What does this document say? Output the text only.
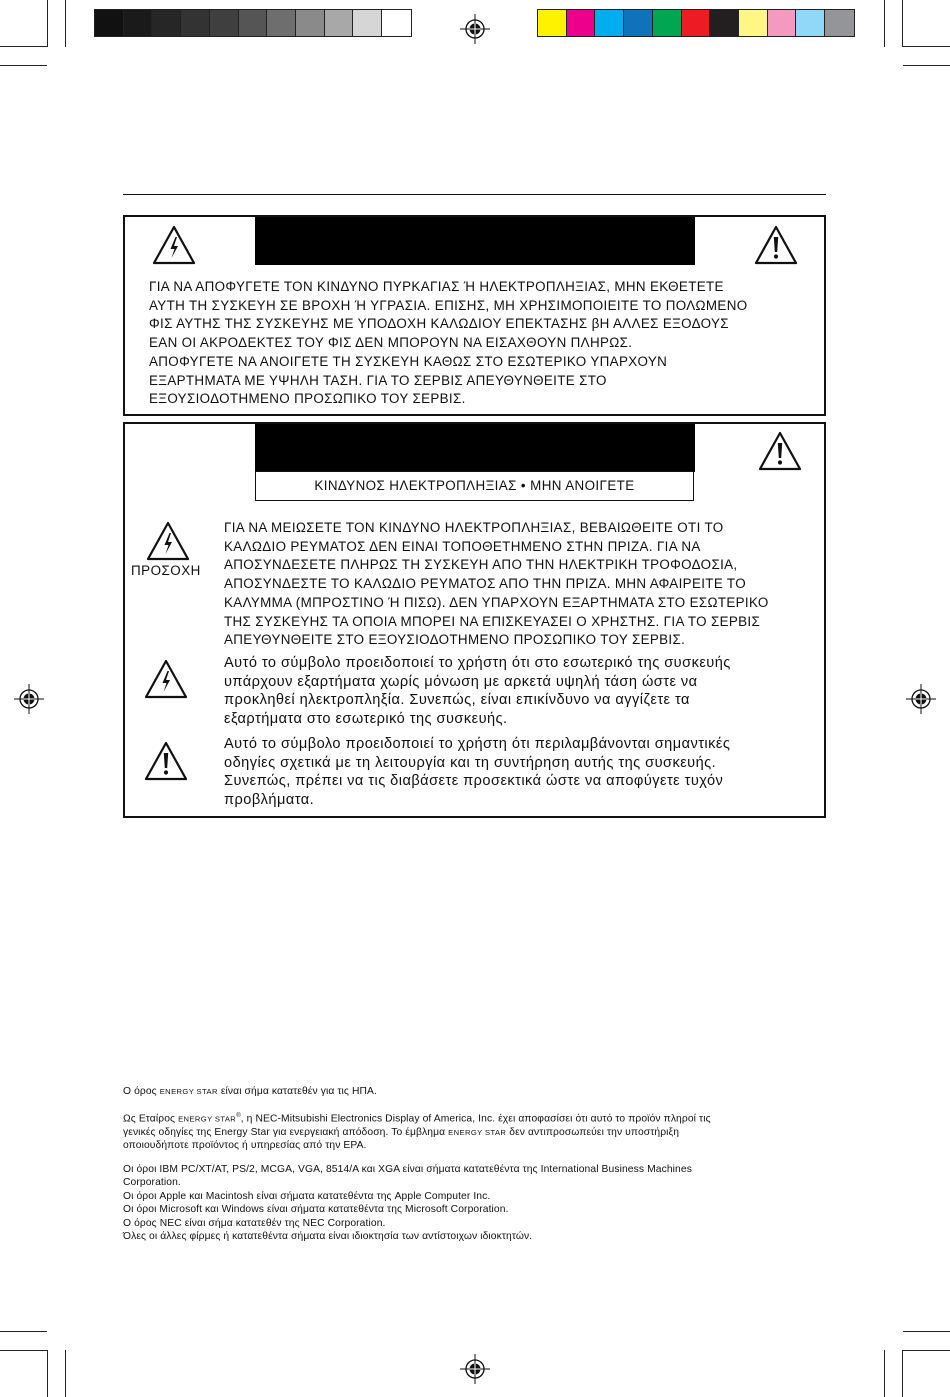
ΓΙΑ ΝΑ ΑΠΟΦΥΓΕΤΕ ΤΟΝ ΚΙΝΔΥΝΟ ΠΥΡΚΑΓΙΑΣ Ή ΗΛΕΚΤΡΟΠΛΗΞΙΑΣ, ΜΗΝ ΕΚΘΕΤΕΤΕ
ΑΥΤΗ ΤΗ ΣΥΣΚΕΥΗ ΣΕ ΒΡΟΧΗ Ή ΥΓΡΑΣΙΑ. ΕΠΙΣΗΣ, ΜΗ ΧΡΗΣΙΜΟΠΟΙΕΙΤΕ ΤΟ ΠΟΛΩΜΕΝΟ
ΦΙΣ ΑΥΤΗΣ ΤΗΣ ΣΥΣΚΕΥΗΣ ΜΕ ΥΠΟΔΟΧΗ ΚΑΛΩΔΙΟΥ ΕΠΕΚΤΑΣΗΣ βΗ ΑΛΛΕΣ ΕΞΟΔΟΥΣ
ΕΑΝ ΟΙ ΑΚΡΟΔΕΚΤΕΣ ΤΟΥ ΦΙΣ ΔΕΝ ΜΠΟΡΟΥΝ ΝΑ ΕΙΣΑΧΘΟΥΝ ΠΛΗΡΩΣ.
ΑΠΟΦΥΓΕΤΕ ΝΑ ΑΝΟΙΓΕΤΕ ΤΗ ΣΥΣΚΕΥΗ ΚΑΘΩΣ ΣΤΟ ΕΣΩΤΕΡΙΚΟ ΥΠΑΡΧΟΥΝ
ΕΞΑΡΤΗΜΑΤΑ ΜΕ ΥΨΗΛΗ ΤΑΣΗ. ΓΙΑ ΤΟ ΣΕΡΒΙΣ ΑΠΕΥΘΥΝΘΕΙΤΕ ΣΤΟ
ΕΞΟΥΣΙΟΔΟΤΗΜΕΝΟ ΠΡΟΣΩΠΙΚΟ ΤΟΥ ΣΕΡΒΙΣ.
ΚΙΝΔΥΝΟΣ ΗΛΕΚΤΡΟΠΛΗΞΙΑΣ • ΜΗΝ ΑΝΟΙΓΕΤΕ
ΠΡΟΣΟΧΗ
ΓΙΑ ΝΑ ΜΕΙΩΣΕΤΕ ΤΟΝ ΚΙΝΔΥΝΟ ΗΛΕΚΤΡΟΠΛΗΞΙΑΣ, ΒΕΒΑΙΩΘΕΙΤΕ ΟΤΙ ΤΟ
ΚΑΛΩΔΙΟ ΡΕΥΜΑΤΟΣ ΔΕΝ ΕΙΝΑΙ ΤΟΠΟΘΕΤΗΜΕΝΟ ΣΤΗΝ ΠΡΙΖΑ. ΓΙΑ ΝΑ
ΑΠΟΣΥΝΔΕΣΕΤΕ ΠΛΗΡΩΣ ΤΗ ΣΥΣΚΕΥΗ ΑΠΟ ΤΗΝ ΗΛΕΚΤΡΙΚΗ ΤΡΟΦΟΔΟΣΙΑ,
ΑΠΟΣΥΝΔΕΣΤΕ ΤΟ ΚΑΛΩΔΙΟ ΡΕΥΜΑΤΟΣ ΑΠΟ ΤΗΝ ΠΡΙΖΑ. ΜΗΝ ΑΦΑΙΡΕΙΤΕ ΤΟ
ΚΑΛΥΜΜΑ (ΜΠΡΟΣΤΙΝΟ Ή ΠΙΣΩ). ΔΕΝ ΥΠΑΡΧΟΥΝ ΕΞΑΡΤΗΜΑΤΑ ΣΤΟ ΕΣΩΤΕΡΙΚΟ
ΤΗΣ ΣΥΣΚΕΥΗΣ ΤΑ ΟΠΟΙΑ ΜΠΟΡΕΙ ΝΑ ΕΠΙΣΚΕΥΑΣΕΙ Ο ΧΡΗΣΤΗΣ. ΓΙΑ ΤΟ ΣΕΡΒΙΣ
ΑΠΕΥΘΥΝΘΕΙΤΕ ΣΤΟ ΕΞΟΥΣΙΟΔΟΤΗΜΕΝΟ ΠΡΟΣΩΠΙΚΟ ΤΟΥ ΣΕΡΒΙΣ.
Αυτό το σύμβολο προειδοποιεί το χρήστη ότι στο εσωτερικό της συσκευής
υπάρχουν εξαρτήματα χωρίς μόνωση με αρκετά υψηλή τάση ώστε να
προκληθεί ηλεκτροπληξία. Συνεπώς, είναι επικίνδυνο να αγγίζετε τα
εξαρτήματα στο εσωτερικό της συσκευής.
Αυτό το σύμβολο προειδοποιεί το χρήστη ότι περιλαμβάνονται σημαντικές
οδηγίες σχετικά με τη λειτουργία και τη συντήρηση αυτής της συσκευής.
Συνεπώς, πρέπει να τις διαβάσετε προσεκτικά ώστε να αποφύγετε τυχόν
προβλήματα.
Ο όρος ENERGY STAR είναι σήμα κατατεθέν για τις ΗΠΑ.
Ως Εταίρος ENERGY STAR®, η NEC-Mitsubishi Electronics Display of America, Inc. έχει αποφασίσει ότι αυτό το προϊόν πληροί τις
γενικές οδηγίες της Energy Star για ενεργειακή απόδοση. Το έμβλημα ENERGY STAR δεν αντιπροσωπεύει την υποστήριξη
οποιουδήποτε προϊόντος ή υπηρεσίας από την EPA.
Οι όροι IBM PC/XT/AT, PS/2, MCGA, VGA, 8514/A και XGA είναι σήματα κατατεθέντα της International Business Machines
Corporation.
Οι όροι Apple και Macintosh είναι σήματα κατατεθέντα της Apple Computer Inc.
Οι όροι Microsoft και Windows είναι σήματα κατατεθέντα της Microsoft Corporation.
Ο όρος NEC είναι σήμα κατατεθέν της NEC Corporation.
Όλες οι άλλες φίρμες ή κατατεθέντα σήματα είναι ιδιοκτησία των αντίστοιχων ιδιοκτητών.
